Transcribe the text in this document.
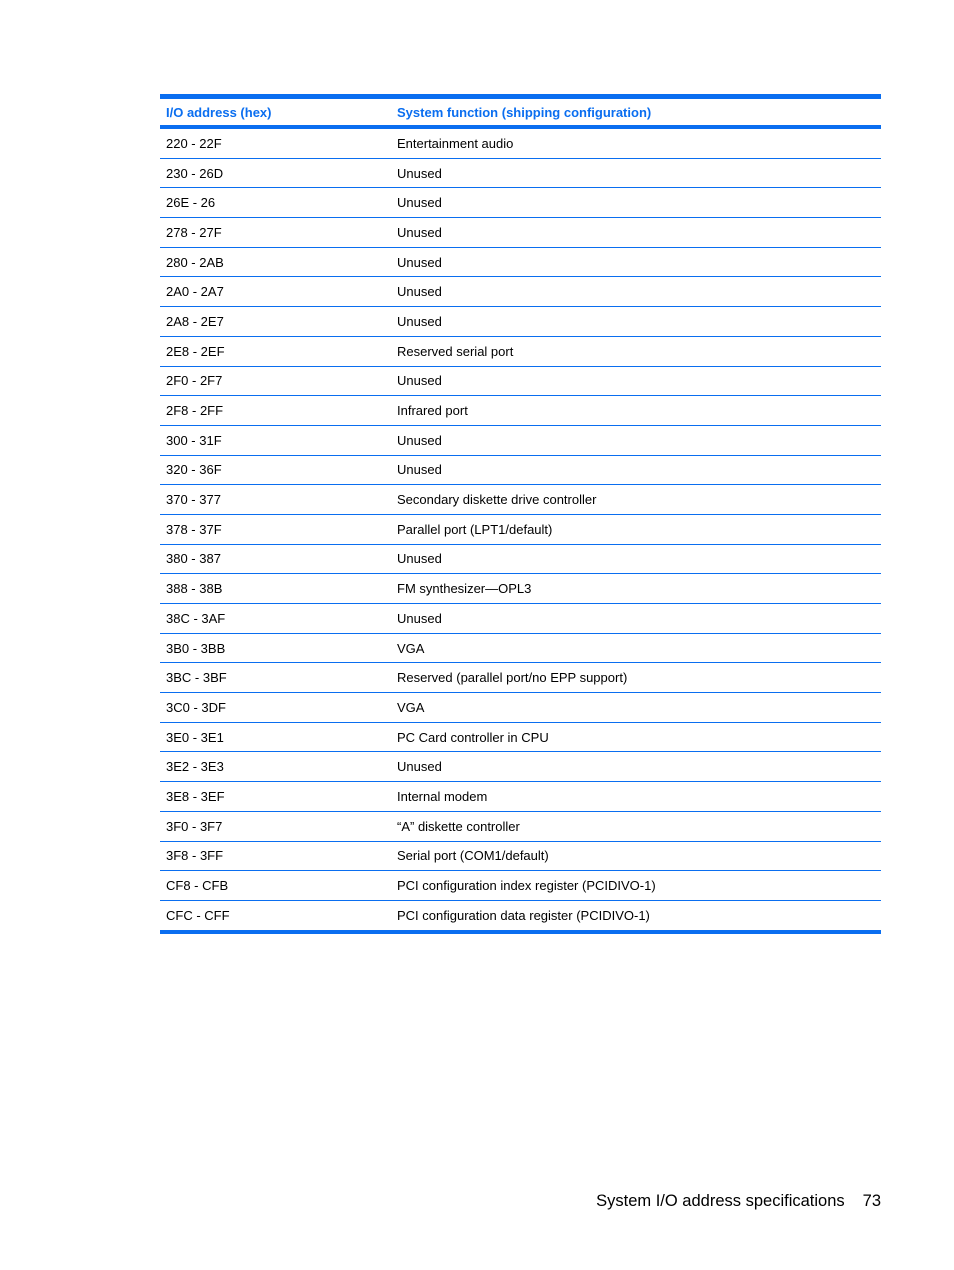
I/O address (hex)	System function (shipping configuration)
220 - 22F	Entertainment audio
230 - 26D	Unused
26E - 26	Unused
278 - 27F	Unused
280 - 2AB	Unused
2A0 - 2A7	Unused
2A8 - 2E7	Unused
2E8 - 2EF	Reserved serial port
2F0 - 2F7	Unused
2F8 - 2FF	Infrared port
300 - 31F	Unused
320 - 36F	Unused
370 - 377	Secondary diskette drive controller
378 - 37F	Parallel port (LPT1/default)
380 - 387	Unused
388 - 38B	FM synthesizer—OPL3
38C - 3AF	Unused
3B0 - 3BB	VGA
3BC - 3BF	Reserved (parallel port/no EPP support)
3C0 - 3DF	VGA
3E0 - 3E1	PC Card controller in CPU
3E2 - 3E3	Unused
3E8 - 3EF	Internal modem
3F0 - 3F7	“A” diskette controller
3F8 - 3FF	Serial port (COM1/default)
CF8 - CFB	PCI configuration index register (PCIDIVO-1)
CFC - CFF	PCI configuration data register (PCIDIVO-1)
System I/O address specifications 73
